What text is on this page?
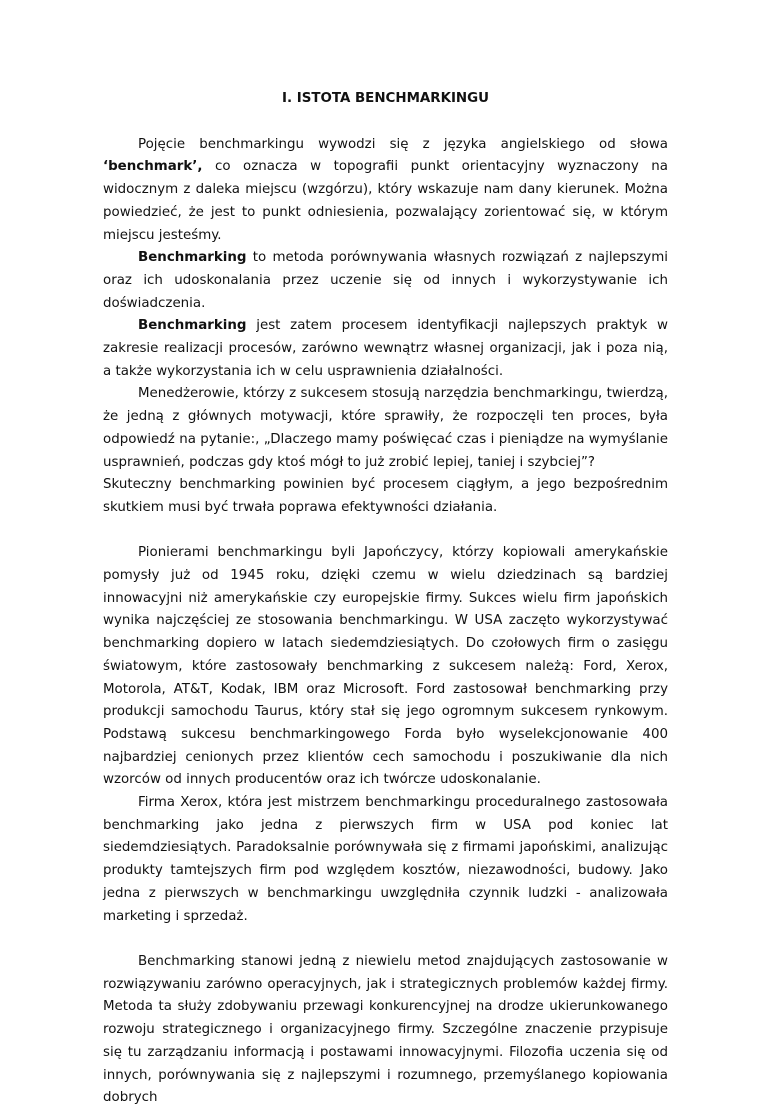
I. ISTOTA BENCHMARKINGU

Pojęcie benchmarkingu wywodzi się z języka angielskiego od słowa ‘benchmark’, co oznacza w topografii punkt orientacyjny wyznaczony na widocznym z daleka miejscu (wzgórzu), który wskazuje nam dany kierunek. Można powiedzieć, że jest to punkt odniesienia, pozwalający zorientować się, w którym miejscu jesteśmy.

Benchmarking to metoda porównywania własnych rozwiązań z najlepszymi oraz ich udoskonalania przez uczenie się od innych i wykorzystywanie ich doświadczenia.

Benchmarking jest zatem procesem identyfikacji najlepszych praktyk w zakresie realizacji procesów, zarówno wewnątrz własnej organizacji, jak i poza nią, a także wykorzystania ich w celu usprawnienia działalności.

Menedżerowie, którzy z sukcesem stosują narzędzia benchmarkingu, twierdzą, że jedną z głównych motywacji, które sprawiły, że rozpoczęli ten proces, była odpowiedź na pytanie:, „Dlaczego mamy poświęcać czas i pieniądze na wymyślanie usprawnień, podczas gdy ktoś mógł to już zrobić lepiej, taniej i szybciej”?

Skuteczny benchmarking powinien być procesem ciągłym, a jego bezpośrednim skutkiem musi być trwała poprawa efektywności działania.

Pionierami benchmarkingu byli Japończycy, którzy kopiowali amerykańskie pomysły już od 1945 roku, dzięki czemu w wielu dziedzinach są bardziej innowacyjni niż amerykańskie czy europejskie firmy. Sukces wielu firm japońskich wynika najczęściej ze stosowania benchmarkingu. W USA zaczęto wykorzystywać benchmarking dopiero w latach siedemdziesiątych. Do czołowych firm o zasięgu światowym, które zastosowały benchmarking z sukcesem należą: Ford, Xerox, Motorola, AT&T, Kodak, IBM oraz Microsoft. Ford zastosował benchmarking przy produkcji samochodu Taurus, który stał się jego ogromnym sukcesem rynkowym. Podstawą sukcesu benchmarkingowego Forda było wyselekcjonowanie 400 najbardziej cenionych przez klientów cech samochodu i poszukiwanie dla nich wzorców od innych producentów oraz ich twórcze udoskonalanie.

Firma Xerox, która jest mistrzem benchmarkingu proceduralnego zastosowała benchmarking jako jedna z pierwszych firm w USA pod koniec lat siedemdziesiątych. Paradoksalnie porównywała się z firmami japońskimi, analizując produkty tamtejszych firm pod względem kosztów, niezawodności, budowy. Jako jedna z pierwszych w benchmarkingu uwzględniła czynnik ludzki - analizowała marketing i sprzedaż.

Benchmarking stanowi jedną z niewielu metod znajdujących zastosowanie w rozwiązywaniu zarówno operacyjnych, jak i strategicznych problemów każdej firmy. Metoda ta służy zdobywaniu przewagi konkurencyjnej na drodze ukierunkowanego rozwoju strategicznego i organizacyjnego firmy. Szczególne znaczenie przypisuje się tu zarządzaniu informacją i postawami innowacyjnymi. Filozofia uczenia się od innych, porównywania się z najlepszymi i rozumnego, przemyślanego kopiowania dobrych
